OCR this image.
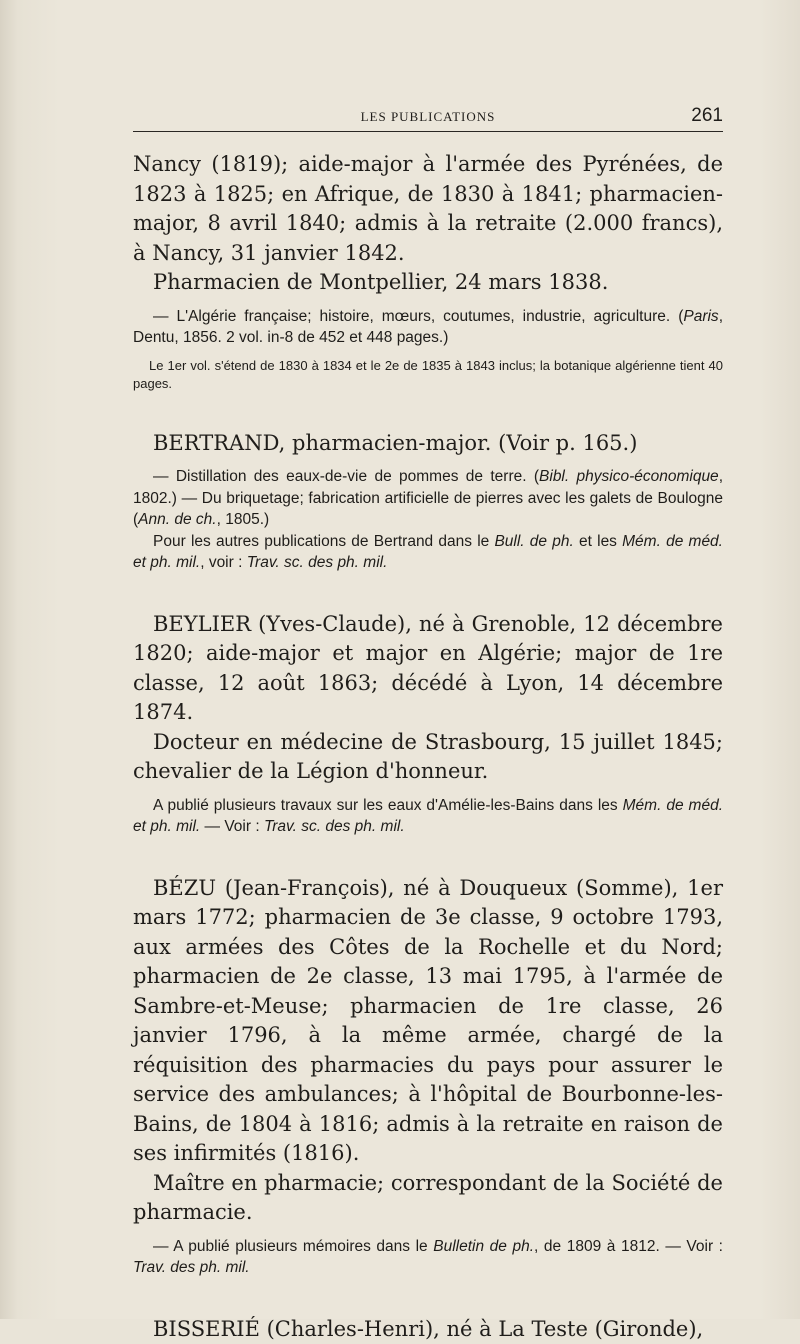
LES PUBLICATIONS	261

Nancy (1819); aide-major à l'armée des Pyrénées, de 1823 à 1825; en Afrique, de 1830 à 1841; pharmacien-major, 8 avril 1840; admis à la retraite (2.000 francs), à Nancy, 31 janvier 1842.

Pharmacien de Montpellier, 24 mars 1838.

— L'Algérie française; histoire, mœurs, coutumes, industrie, agriculture. (Paris, Dentu, 1856. 2 vol. in-8 de 452 et 448 pages.)

Le 1er vol. s'étend de 1830 à 1834 et le 2e de 1835 à 1843 inclus; la botanique algérienne tient 40 pages.

BERTRAND, pharmacien-major. (Voir p. 165.)

— Distillation des eaux-de-vie de pommes de terre. (Bibl. physico-économique, 1802.) — Du briquetage; fabrication artificielle de pierres avec les galets de Boulogne (Ann. de ch., 1805.)

Pour les autres publications de Bertrand dans le Bull. de ph. et les Mém. de méd. et ph. mil., voir : Trav. sc. des ph. mil.

BEYLIER (Yves-Claude), né à Grenoble, 12 décembre 1820; aide-major et major en Algérie; major de 1re classe, 12 août 1863; décédé à Lyon, 14 décembre 1874.

Docteur en médecine de Strasbourg, 15 juillet 1845; chevalier de la Légion d'honneur.

A publié plusieurs travaux sur les eaux d'Amélie-les-Bains dans les Mém. de méd. et ph. mil. — Voir : Trav. sc. des ph. mil.

BÉZU (Jean-François), né à Douqueux (Somme), 1er mars 1772; pharmacien de 3e classe, 9 octobre 1793, aux armées des Côtes de la Rochelle et du Nord; pharmacien de 2e classe, 13 mai 1795, à l'armée de Sambre-et-Meuse; pharmacien de 1re classe, 26 janvier 1796, à la même armée, chargé de la réquisition des pharmacies du pays pour assurer le service des ambulances; à l'hôpital de Bourbonne-les-Bains, de 1804 à 1816; admis à la retraite en raison de ses infirmités (1816).

Maître en pharmacie; correspondant de la Société de pharmacie.

— A publié plusieurs mémoires dans le Bulletin de ph., de 1809 à 1812. — Voir : Trav. des ph. mil.

BISSERIÉ (Charles-Henri), né à La Teste (Gironde),
